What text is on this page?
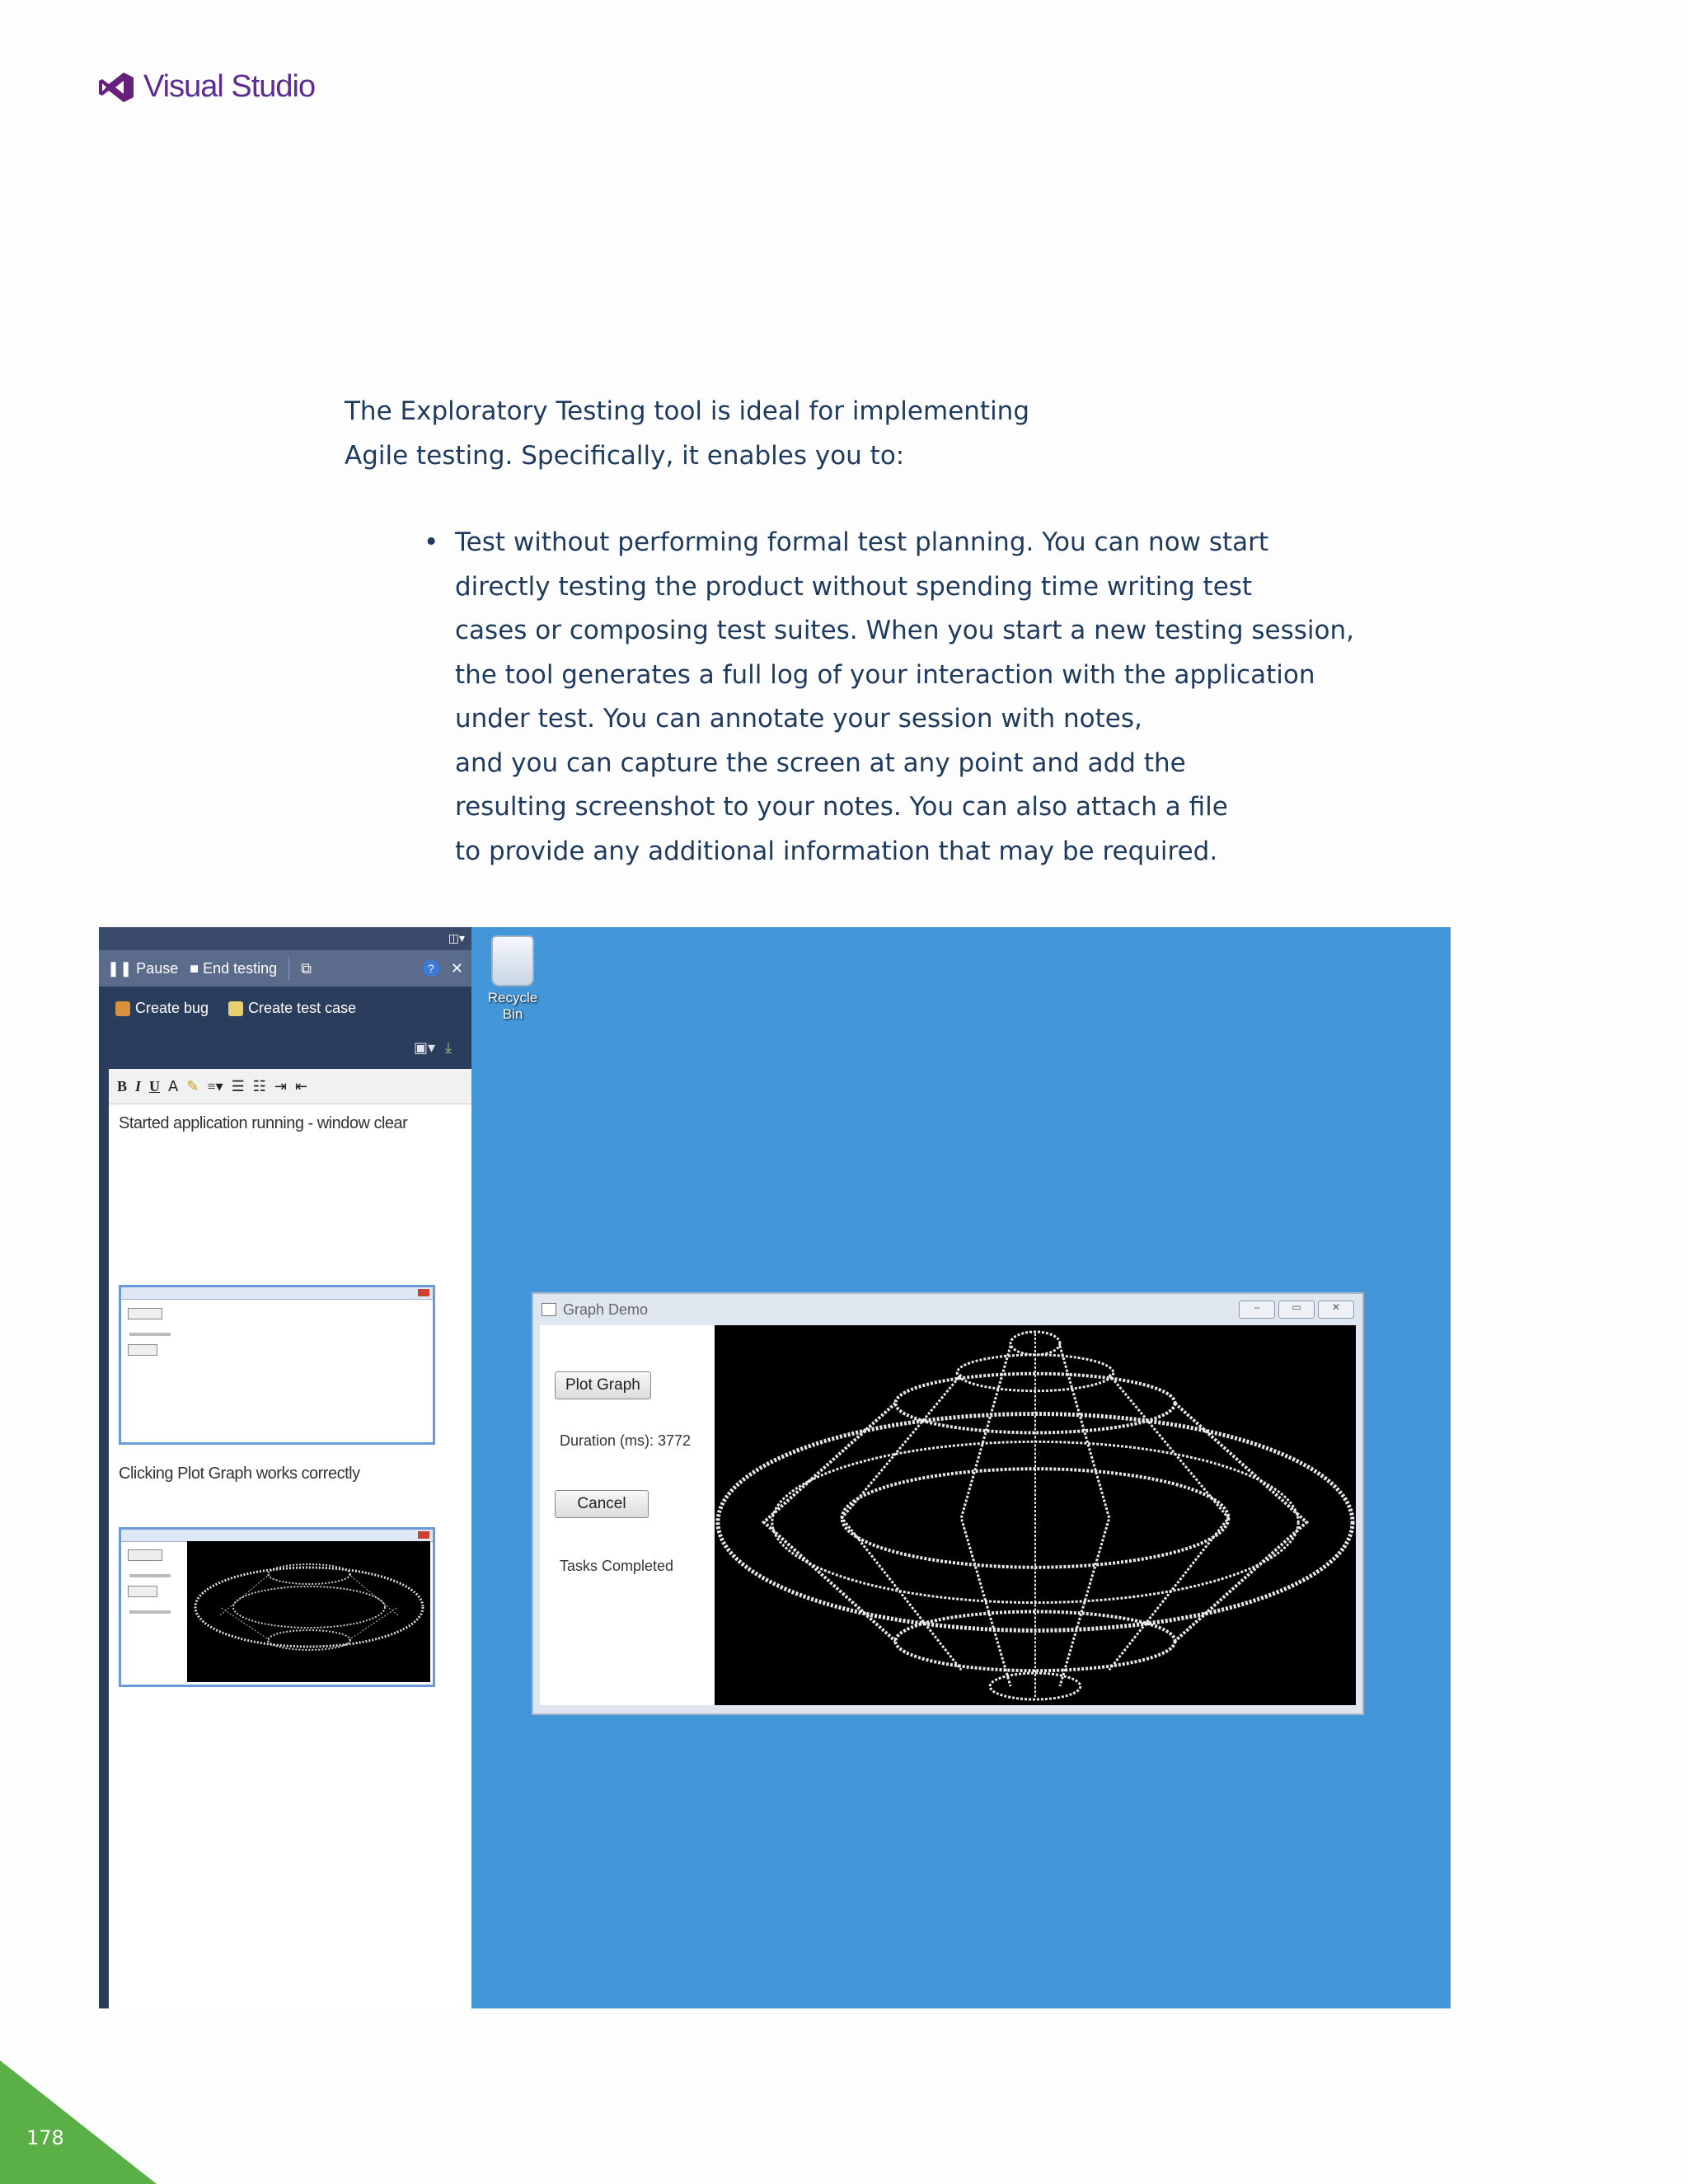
Visual Studio

The Exploratory Testing tool is ideal for implementing
Agile testing. Specifically, it enables you to:

• Test without performing formal test planning. You can now start
directly testing the product without spending time writing test
cases or composing test suites. When you start a new testing session,
the tool generates a full log of your interaction with the application
under test. You can annotate your session with notes,
and you can capture the screen at any point and add the
resulting screenshot to your notes. You can also attach a file
to provide any additional information that may be required.
◫▾
❚❚ Pause ■ End testing ⧉	?	✕
Create bug	Create test case
▣▾ ⤓
B I U A ✎ ≡▾ ☰ ☷ ⇥ ⇤
Started application running - window clear
Clicking Plot Graph works correctly
Recycle Bin
Graph Demo	–	▭	✕
Plot Graph
Duration (ms): 3772
Cancel
Tasks Completed
178
